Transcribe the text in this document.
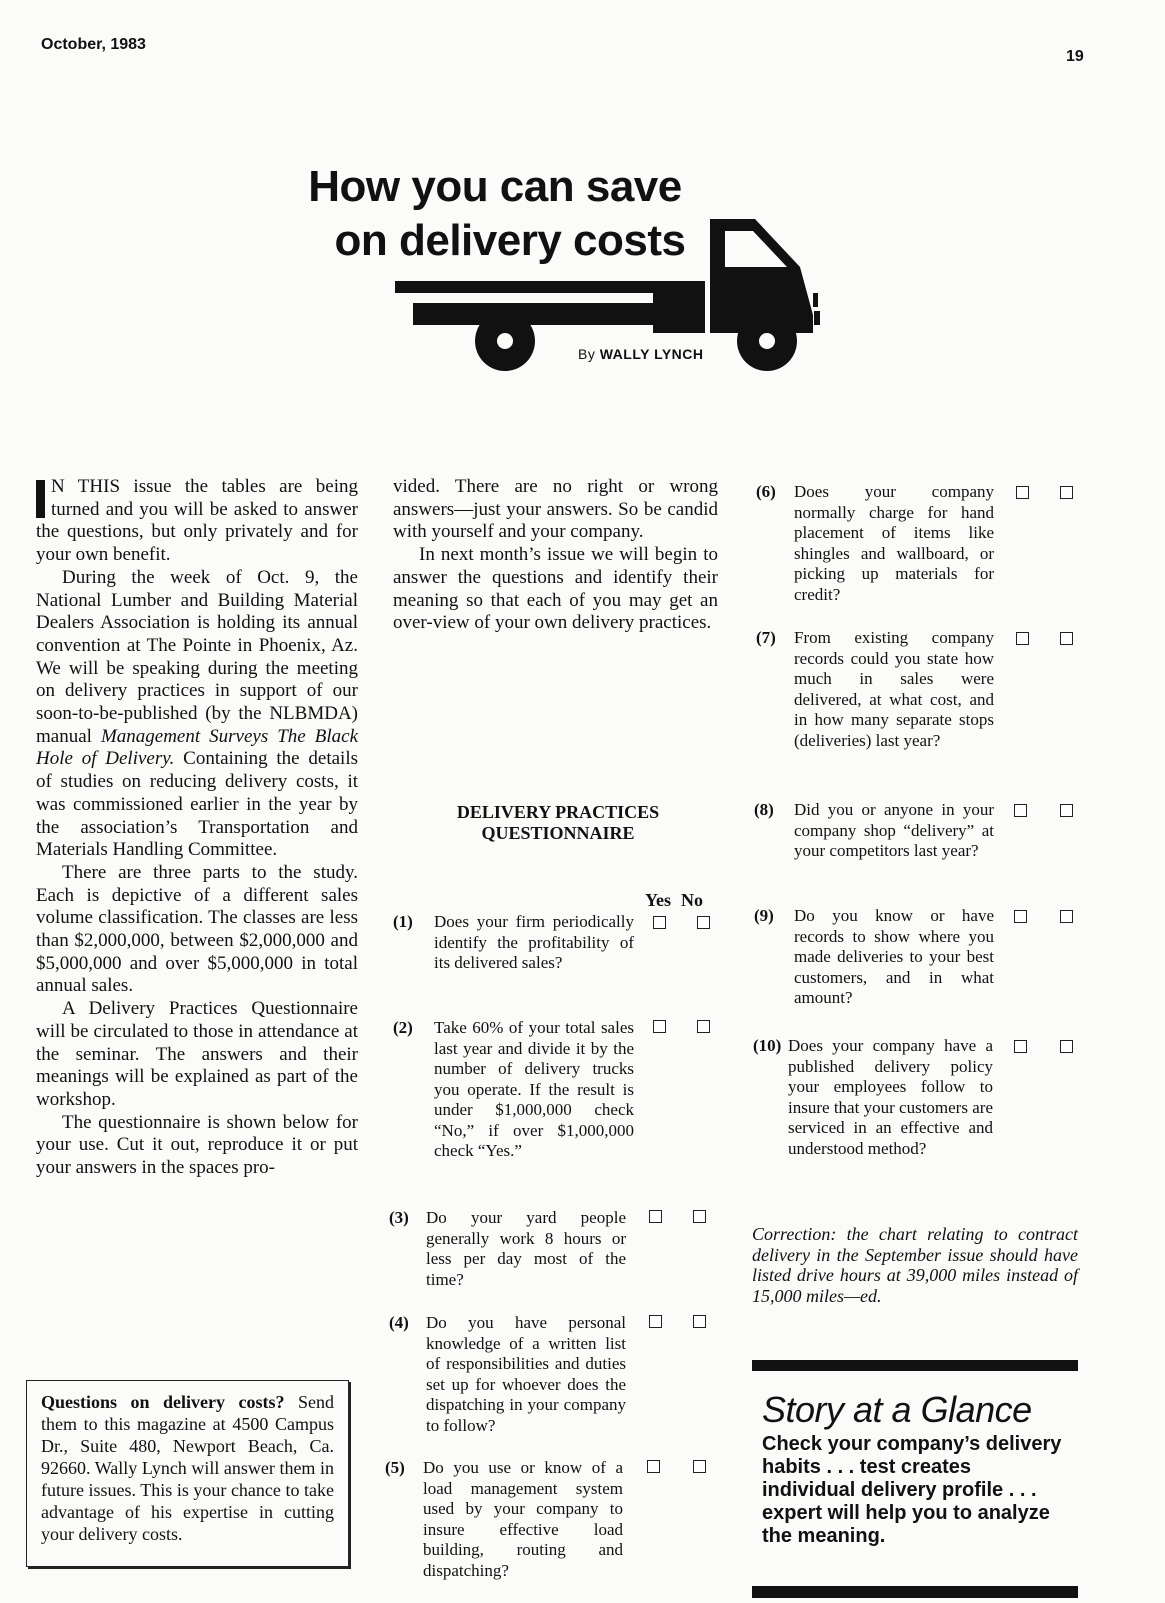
October, 1983
19
How you can save
on delivery costs
By WALLY LYNCH

N THIS issue the tables are being turned and you will be asked to answer the questions, but only privately and for your own benefit.

During the week of Oct. 9, the National Lumber and Building Material Dealers Association is holding its annual convention at The Pointe in Phoenix, Az. We will be speaking during the meeting on delivery practices in support of our soon-to-be-published (by the NLBMDA) manual Management Surveys The Black Hole of Delivery. Containing the details of studies on reducing delivery costs, it was commissioned earlier in the year by the association’s Transportation and Materials Handling Committee.

There are three parts to the study. Each is depictive of a different sales volume classification. The classes are less than $2,000,000, between $2,000,000 and $5,000,000 and over $5,000,000 in total annual sales.

A Delivery Practices Questionnaire will be circulated to those in attendance at the seminar. The answers and their meanings will be explained as part of the workshop.

The questionnaire is shown below for your use. Cut it out, reproduce it or put your answers in the spaces pro-

vided. There are no right or wrong answers—just your answers. So be candid with yourself and your company.

In next month’s issue we will begin to answer the questions and identify their meaning so that each of you may get an over-view of your own delivery practices.

DELIVERY PRACTICES
QUESTIONNAIRE
Yes No
(1) Does your firm periodically identify the profitability of its delivered sales?
(2) Take 60% of your total sales last year and divide it by the number of delivery trucks you operate. If the result is under $1,000,000 check “No,” if over $1,000,000 check “Yes.”
(3) Do your yard people generally work 8 hours or less per day most of the time?
(4) Do you have personal knowledge of a written list of responsibilities and duties set up for whoever does the dispatching in your company to follow?
(5) Do you use or know of a load management system used by your company to insure effective load building, routing and dispatching?
(6) Does your company normally charge for hand placement of items like shingles and wallboard, or picking up materials for credit?
(7) From existing company records could you state how much in sales were delivered, at what cost, and in how many separate stops (deliveries) last year?
(8) Did you or anyone in your company shop “delivery” at your competitors last year?
(9) Do you know or have records to show where you made deliveries to your best customers, and in what amount?
(10) Does your company have a published delivery policy your employees follow to insure that your customers are serviced in an effective and understood method?
Correction: the chart relating to contract delivery in the September issue should have listed drive hours at 39,000 miles instead of 15,000 miles—ed.
Questions on delivery costs? Send them to this magazine at 4500 Campus Dr., Suite 480, Newport Beach, Ca. 92660. Wally Lynch will answer them in future issues. This is your chance to take advantage of his expertise in cutting your delivery costs.
Story at a Glance
Check your company’s delivery habits . . . test creates individual delivery profile . . . expert will help you to analyze the meaning.
